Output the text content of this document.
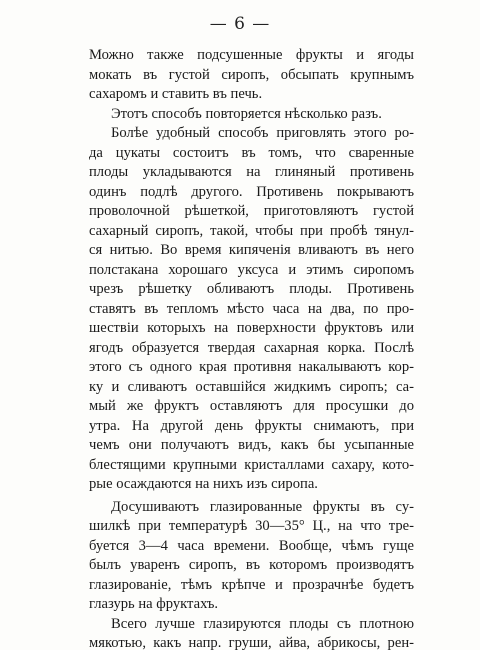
— 6 —
Можно также подсушенные фрукты и ягоды
мокать въ густой сиропъ, обсыпать крупнымъ
сахаромъ и ставить въ печь.
Этотъ способъ повторяется нѣсколько разъ.
Болѣе удобный способъ приговлять этого ро-
да цукаты состоитъ въ томъ, что сваренные
плоды укладываются на глиняный противень
одинъ подлѣ другого. Противень покрываютъ
проволочной рѣшеткой, приготовляютъ густой
сахарный сиропъ, такой, чтобы при пробѣ тянул-
ся нитью. Во время кипяченія вливаютъ въ него
полстакана хорошаго уксуса и этимъ сиропомъ
чрезъ рѣшетку обливаютъ плоды. Противень
ставятъ въ тепломъ мѣсто часа на два, по про-
шествіи которыхъ на поверхности фруктовъ или
ягодъ образуется твердая сахарная корка. Послѣ
этого съ одного края противня накалываютъ кор-
ку и сливаютъ оставшійся жидкимъ сиропъ; са-
мый же фруктъ оставляютъ для просушки до
утра. На другой день фрукты снимаютъ, при
чемъ они получаютъ видъ, какъ бы усыпанные
блестящими крупными кристаллами сахару, кото-
рые осаждаются на нихъ изъ сиропа.
Досушиваютъ глазированные фрукты въ су-
шилкѣ при температурѣ 30—35° Ц., на что тре-
буется 3—4 часа времени. Вообще, чѣмъ гуще
былъ уваренъ сиропъ, въ которомъ производятъ
глазированіе, тѣмъ крѣпче и прозрачнѣе будетъ
глазурь на фруктахъ.
Всего лучше глазируются плоды съ плотною
мякотью, какъ напр. груши, айва, абрикосы, рен-
